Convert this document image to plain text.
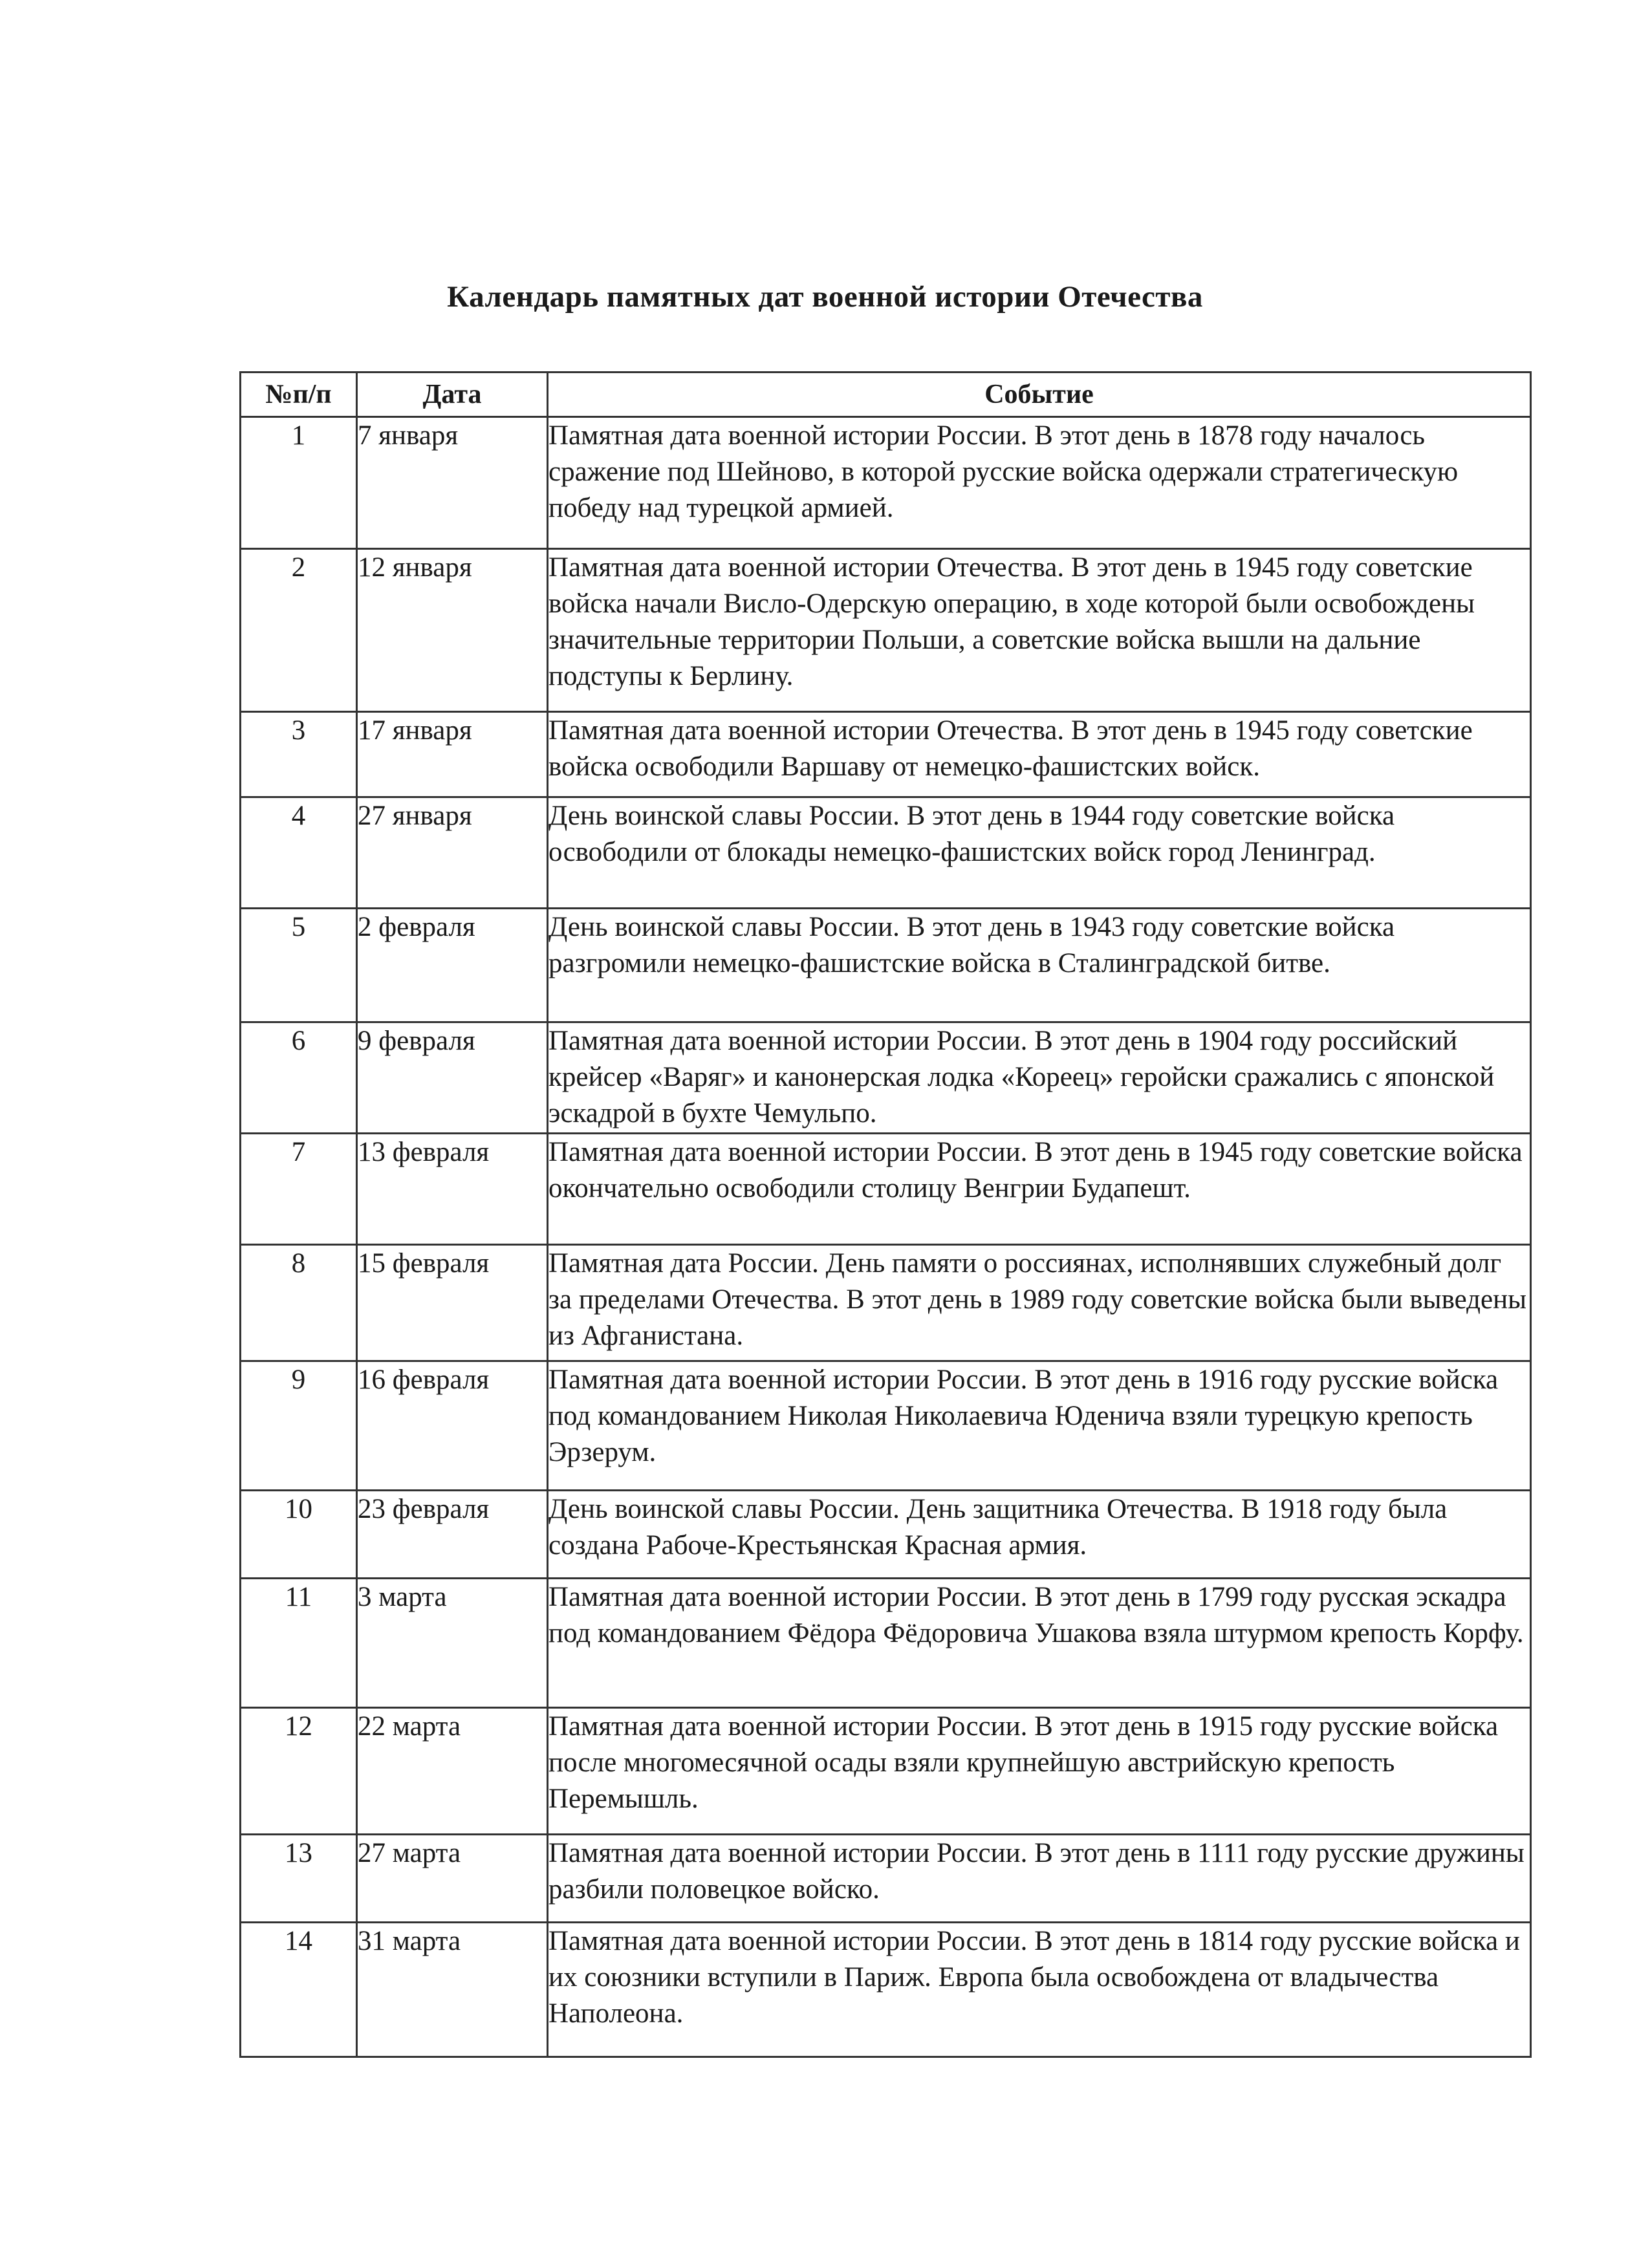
Календарь памятных дат военной истории Отечества
№п/п	Дата	Событие
1	7 января	Памятная дата военной истории России. В этот день в 1878 году началось сражение под Шейново, в которой русские войска одержали стратегическую победу над турецкой армией.
2	12 января	Памятная дата военной истории Отечества. В этот день в 1945 году советские войска начали Висло-Одерскую операцию, в ходе которой были освобождены значительные территории Польши, а советские войска вышли на дальние подступы к Берлину.
3	17 января	Памятная дата военной истории Отечества. В этот день в 1945 году советские войска освободили Варшаву от немецко-фашистских войск.
4	27 января	День воинской славы России. В этот день в 1944 году советские войска освободили от блокады немецко-фашистских войск город Ленинград.
5	2 февраля	День воинской славы России. В этот день в 1943 году советские войска разгромили немецко-фашистские войска в Сталинградской битве.
6	9 февраля	Памятная дата военной истории России. В этот день в 1904 году российский крейсер «Варяг» и канонерская лодка «Кореец» геройски сражались с японской эскадрой в бухте Чемульпо.
7	13 февраля	Памятная дата военной истории России. В этот день в 1945 году советские войска окончательно освободили столицу Венгрии Будапешт.
8	15 февраля	Памятная дата России. День памяти о россиянах, исполнявших служебный долг за пределами Отечества. В этот день в 1989 году советские войска были выведены из Афганистана.
9	16 февраля	Памятная дата военной истории России. В этот день в 1916 году русские войска под командованием Николая Николаевича Юденича взяли турецкую крепость Эрзерум.
10	23 февраля	День воинской славы России. День защитника Отечества. В 1918 году была создана Рабоче-Крестьянская Красная армия.
11	3 марта	Памятная дата военной истории России. В этот день в 1799 году русская эскадра под командованием Фёдора Фёдоровича Ушакова взяла штурмом крепость Корфу.
12	22 марта	Памятная дата военной истории России. В этот день в 1915 году русские войска после многомесячной осады взяли крупнейшую австрийскую крепость Перемышль.
13	27 марта	Памятная дата военной истории России. В этот день в 1111 году русские дружины разбили половецкое войско.
14	31 марта	Памятная дата военной истории России. В этот день в 1814 году русские войска и их союзники вступили в Париж. Европа была освобождена от владычества Наполеона.
